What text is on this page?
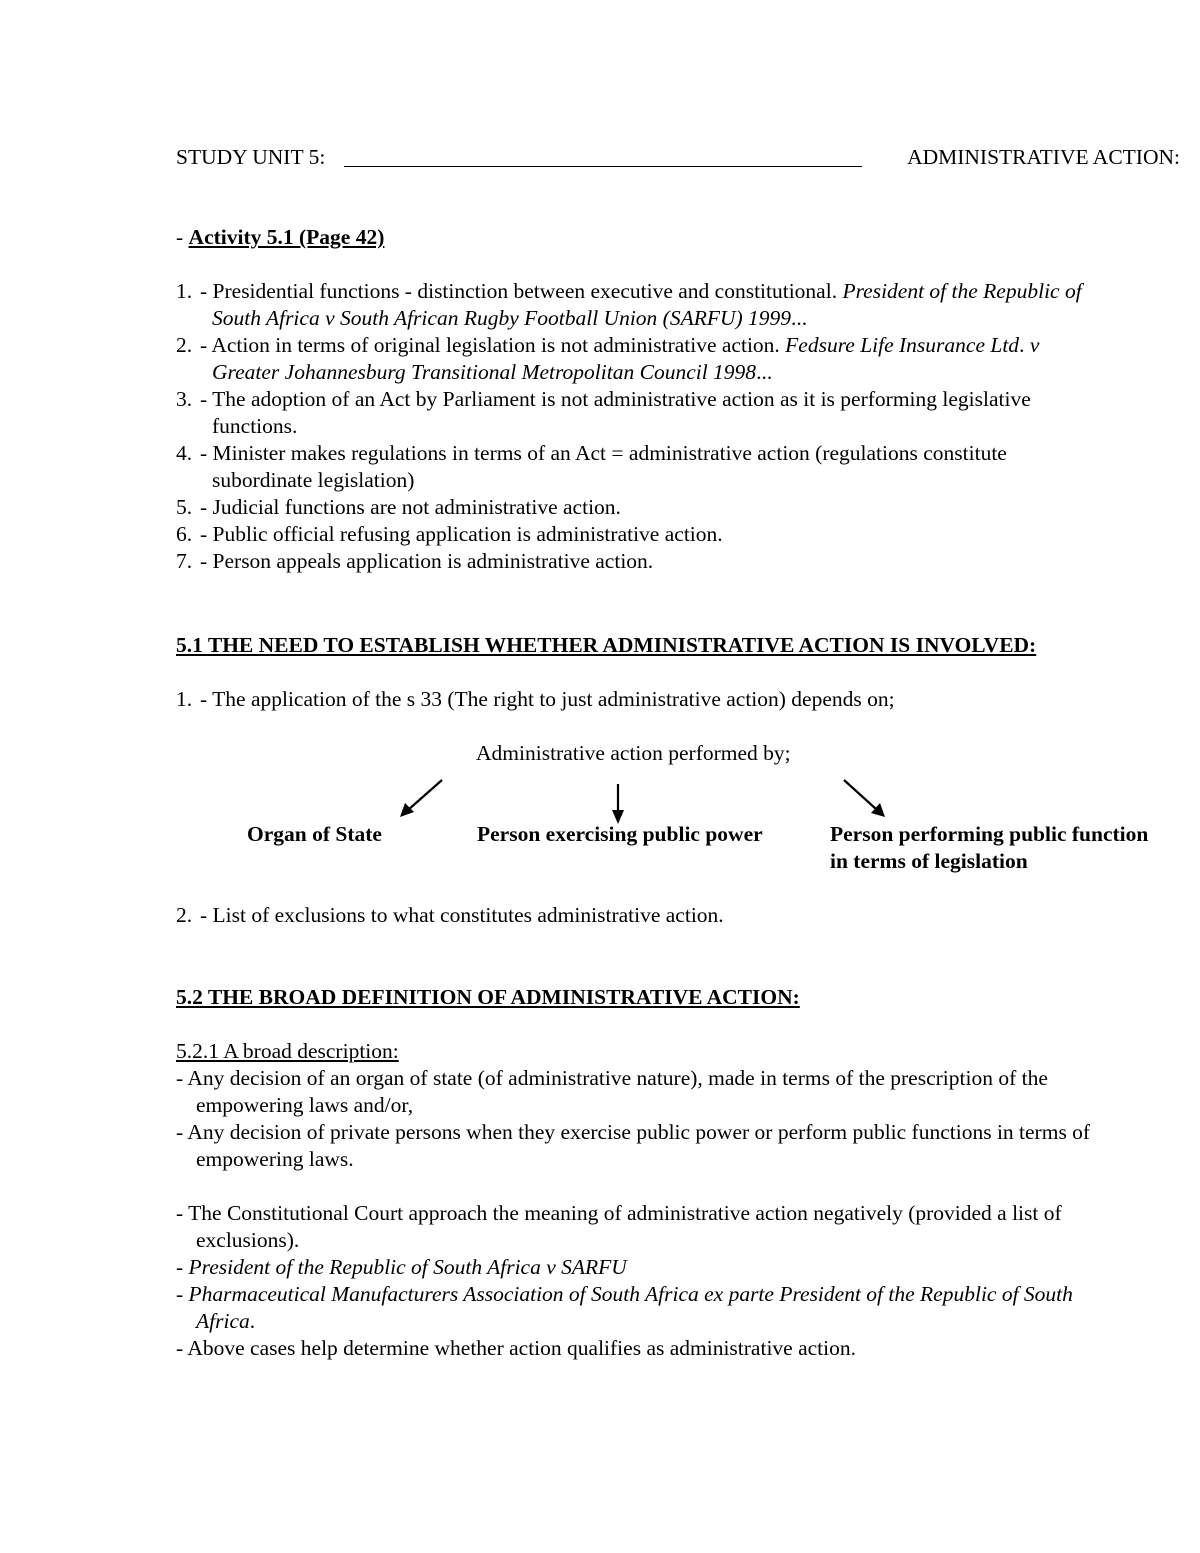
STUDY UNIT 5:	ADMINISTRATIVE ACTION:
- Activity 5.1 (Page 42)
1. - Presidential functions - distinction between executive and constitutional. President of the Republic of
South Africa v South African Rugby Football Union (SARFU) 1999...
2. - Action in terms of original legislation is not administrative action. Fedsure Life Insurance Ltd. v
Greater Johannesburg Transitional Metropolitan Council 1998...
3. - The adoption of an Act by Parliament is not administrative action as it is performing legislative
functions.
4. - Minister makes regulations in terms of an Act = administrative action (regulations constitute
subordinate legislation)
5. - Judicial functions are not administrative action.
6. - Public official refusing application is administrative action.
7. - Person appeals application is administrative action.
5.1 THE NEED TO ESTABLISH WHETHER ADMINISTRATIVE ACTION IS INVOLVED:
1. - The application of the s 33 (The right to just administrative action) depends on;
Administrative action performed by;
Organ of State	Person exercising public power	Person performing public function
in terms of legislation
2. - List of exclusions to what constitutes administrative action.
5.2 THE BROAD DEFINITION OF ADMINISTRATIVE ACTION:
5.2.1 A broad description:
- Any decision of an organ of state (of administrative nature), made in terms of the prescription of the
empowering laws and/or,
- Any decision of private persons when they exercise public power or perform public functions in terms of
empowering laws.
- The Constitutional Court approach the meaning of administrative action negatively (provided a list of
exclusions).
- President of the Republic of South Africa v SARFU
- Pharmaceutical Manufacturers Association of South Africa ex parte President of the Republic of South
Africa.
- Above cases help determine whether action qualifies as administrative action.
